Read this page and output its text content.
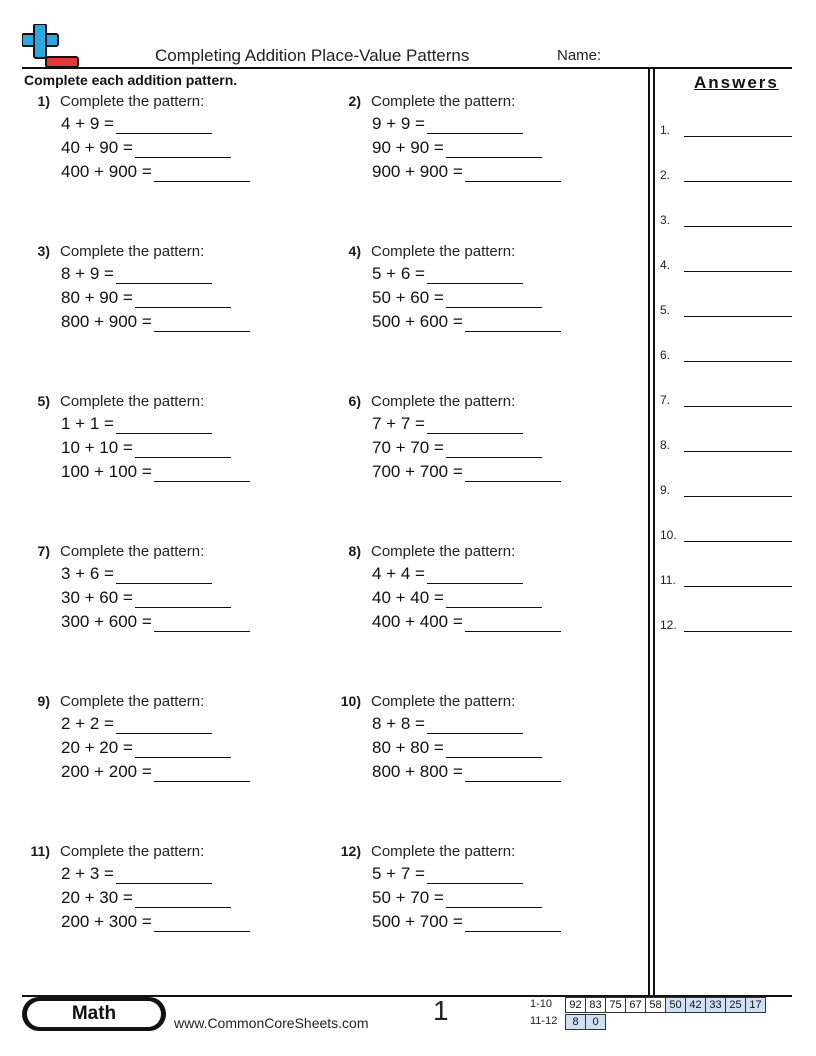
Completing Addition Place-Value Patterns	Name:
Complete each addition pattern.
1) Complete the pattern:
4 + 9 =
40 + 90 =
400 + 900 =
2) Complete the pattern:
9 + 9 =
90 + 90 =
900 + 900 =
3) Complete the pattern:
8 + 9 =
80 + 90 =
800 + 900 =
4) Complete the pattern:
5 + 6 =
50 + 60 =
500 + 600 =
5) Complete the pattern:
1 + 1 =
10 + 10 =
100 + 100 =
6) Complete the pattern:
7 + 7 =
70 + 70 =
700 + 700 =
7) Complete the pattern:
3 + 6 =
30 + 60 =
300 + 600 =
8) Complete the pattern:
4 + 4 =
40 + 40 =
400 + 400 =
9) Complete the pattern:
2 + 2 =
20 + 20 =
200 + 200 =
10) Complete the pattern:
8 + 8 =
80 + 80 =
800 + 800 =
11) Complete the pattern:
2 + 3 =
20 + 30 =
200 + 300 =
12) Complete the pattern:
5 + 7 =
50 + 70 =
500 + 700 =
Answers
1.
2.
3.
4.
5.
6.
7.
8.
9.
10.
11.
12.
Math	www.CommonCoreSheets.com 1	1-10 92	83	75	67	58	50	42	33	25	17
11-12 8	0
